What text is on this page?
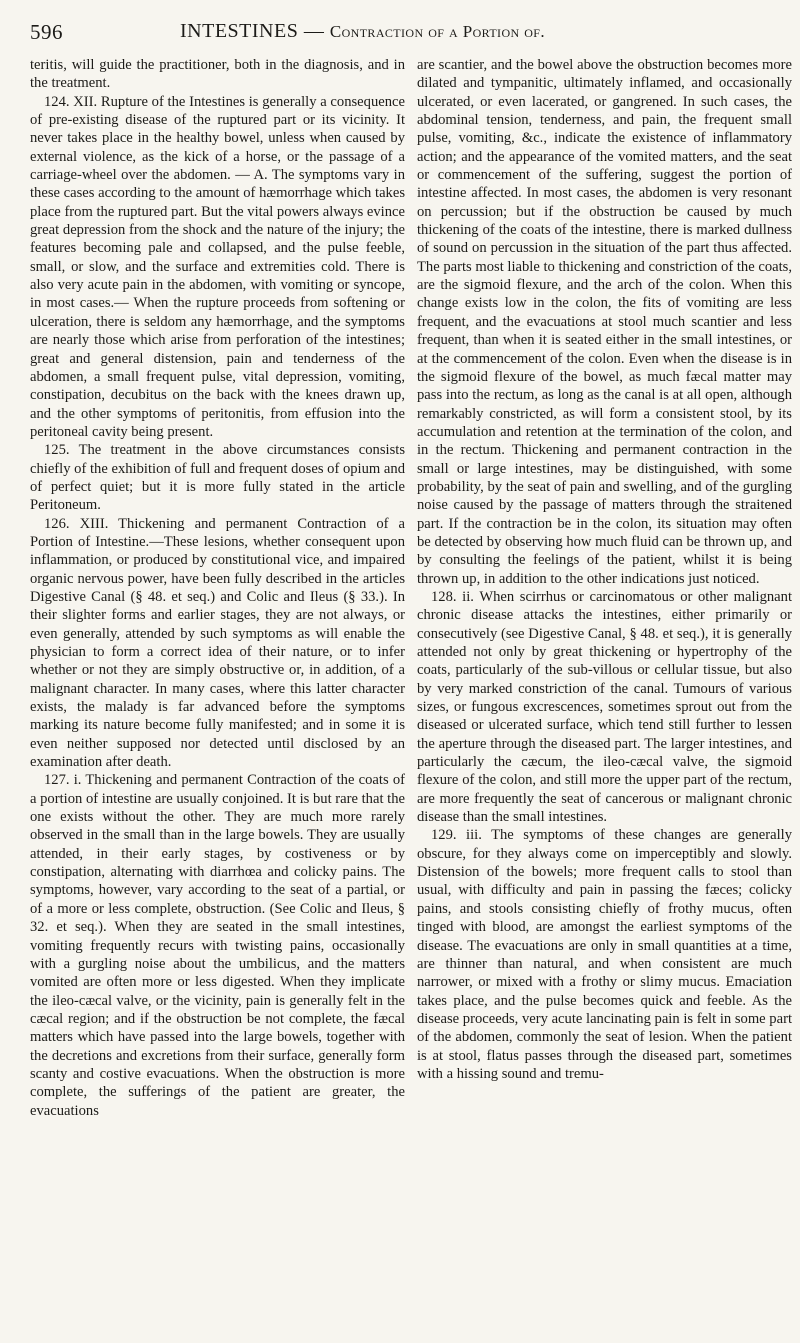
596	INTESTINES — Contraction of a Portion of.

teritis, will guide the practitioner, both in the diagnosis, and in the treatment.

124. XII. Rupture of the Intestines is generally a consequence of pre-existing disease of the ruptured part or its vicinity. It never takes place in the healthy bowel, unless when caused by external violence, as the kick of a horse, or the passage of a carriage-wheel over the abdomen. — A. The symptoms vary in these cases according to the amount of hæmorrhage which takes place from the ruptured part. But the vital powers always evince great depression from the shock and the nature of the injury; the features becoming pale and collapsed, and the pulse feeble, small, or slow, and the surface and extremities cold. There is also very acute pain in the abdomen, with vomiting or syncope, in most cases.— When the rupture proceeds from softening or ulceration, there is seldom any hæmorrhage, and the symptoms are nearly those which arise from perforation of the intestines; great and general distension, pain and tenderness of the abdomen, a small frequent pulse, vital depression, vomiting, constipation, decubitus on the back with the knees drawn up, and the other symptoms of peritonitis, from effusion into the peritoneal cavity being present.

125. The treatment in the above circumstances consists chiefly of the exhibition of full and frequent doses of opium and of perfect quiet; but it is more fully stated in the article Peritoneum.

126. XIII. Thickening and permanent Contraction of a Portion of Intestine.—These lesions, whether consequent upon inflammation, or produced by constitutional vice, and impaired organic nervous power, have been fully described in the articles Digestive Canal (§ 48. et seq.) and Colic and Ileus (§ 33.). In their slighter forms and earlier stages, they are not always, or even generally, attended by such symptoms as will enable the physician to form a correct idea of their nature, or to infer whether or not they are simply obstructive or, in addition, of a malignant character. In many cases, where this latter character exists, the malady is far advanced before the symptoms marking its nature become fully manifested; and in some it is even neither supposed nor detected until disclosed by an examination after death.

127. i. Thickening and permanent Contraction of the coats of a portion of intestine are usually conjoined. It is but rare that the one exists without the other. They are much more rarely observed in the small than in the large bowels. They are usually attended, in their early stages, by costiveness or by constipation, alternating with diarrhœa and colicky pains. The symptoms, however, vary according to the seat of a partial, or of a more or less complete, obstruction. (See Colic and Ileus, § 32. et seq.). When they are seated in the small intestines, vomiting frequently recurs with twisting pains, occasionally with a gurgling noise about the umbilicus, and the matters vomited are often more or less digested. When they implicate the ileo-cæcal valve, or the vicinity, pain is generally felt in the cæcal region; and if the obstruction be not complete, the fæcal matters which have passed into the large bowels, together with the decretions and excretions from their surface, generally form scanty and costive evacuations. When the obstruction is more complete, the sufferings of the patient are greater, the evacuations

are scantier, and the bowel above the obstruction becomes more dilated and tympanitic, ultimately inflamed, and occasionally ulcerated, or even lacerated, or gangrened. In such cases, the abdominal tension, tenderness, and pain, the frequent small pulse, vomiting, &c., indicate the existence of inflammatory action; and the appearance of the vomited matters, and the seat or commencement of the suffering, suggest the portion of intestine affected. In most cases, the abdomen is very resonant on percussion; but if the obstruction be caused by much thickening of the coats of the intestine, there is marked dullness of sound on percussion in the situation of the part thus affected. The parts most liable to thickening and constriction of the coats, are the sigmoid flexure, and the arch of the colon. When this change exists low in the colon, the fits of vomiting are less frequent, and the evacuations at stool much scantier and less frequent, than when it is seated either in the small intestines, or at the commencement of the colon. Even when the disease is in the sigmoid flexure of the bowel, as much fæcal matter may pass into the rectum, as long as the canal is at all open, although remarkably constricted, as will form a consistent stool, by its accumulation and retention at the termination of the colon, and in the rectum. Thickening and permanent contraction in the small or large intestines, may be distinguished, with some probability, by the seat of pain and swelling, and of the gurgling noise caused by the passage of matters through the straitened part. If the contraction be in the colon, its situation may often be detected by observing how much fluid can be thrown up, and by consulting the feelings of the patient, whilst it is being thrown up, in addition to the other indications just noticed.

128. ii. When scirrhus or carcinomatous or other malignant chronic disease attacks the intestines, either primarily or consecutively (see Digestive Canal, § 48. et seq.), it is generally attended not only by great thickening or hypertrophy of the coats, particularly of the sub-villous or cellular tissue, but also by very marked constriction of the canal. Tumours of various sizes, or fungous excrescences, sometimes sprout out from the diseased or ulcerated surface, which tend still further to lessen the aperture through the diseased part. The larger intestines, and particularly the cæcum, the ileo-cæcal valve, the sigmoid flexure of the colon, and still more the upper part of the rectum, are more frequently the seat of cancerous or malignant chronic disease than the small intestines.

129. iii. The symptoms of these changes are generally obscure, for they always come on imperceptibly and slowly. Distension of the bowels; more frequent calls to stool than usual, with difficulty and pain in passing the fæces; colicky pains, and stools consisting chiefly of frothy mucus, often tinged with blood, are amongst the earliest symptoms of the disease. The evacuations are only in small quantities at a time, are thinner than natural, and when consistent are much narrower, or mixed with a frothy or slimy mucus. Emaciation takes place, and the pulse becomes quick and feeble. As the disease proceeds, very acute lancinating pain is felt in some part of the abdomen, commonly the seat of lesion. When the patient is at stool, flatus passes through the diseased part, sometimes with a hissing sound and tremu-
